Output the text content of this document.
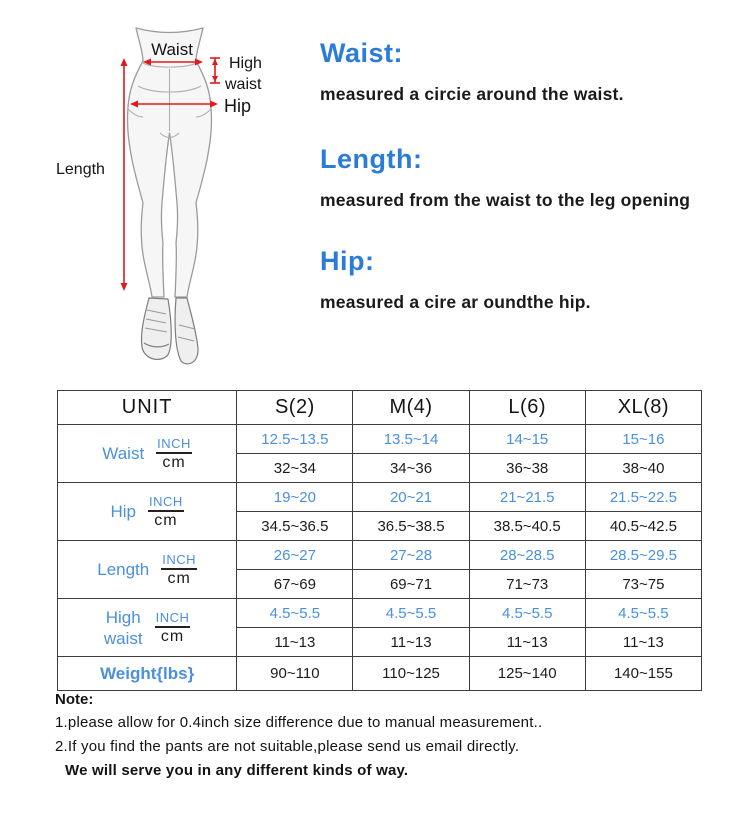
Waist
High
waist
Hip
Length
Waist:

measured a circie around the waist.

Length:

measured from the waist to the leg opening

Hip:

measured a cire ar oundthe hip.

UNIT	S(2)	M(4)	L(6)	XL(8)

Waist $\frac{\text{INCH}}{cm}$	12.5~13.5	13.5~14	14~15	15~16
	32~34	34~36	36~38	38~40

Hip $\frac{\text{INCH}}{cm}$	19~20	20~21	21~21.5	21.5~22.5
	34.5~36.5	36.5~38.5	38.5~40.5	40.5~42.5

Length $\frac{\text{INCH}}{cm}$	26~27	27~28	28~28.5	28.5~29.5
	67~69	69~71	71~73	73~75

High
waist $\frac{\text{INCH}}{cm}$	4.5~5.5	4.5~5.5	4.5~5.5	4.5~5.5
	11~13	11~13	11~13	11~13
Weight{lbs}	90~110	110~125	125~140	140~155

Note:

1.please allow for 0.4inch size difference due to manual measurement..

2.If you find the pants are not suitable,please send us email directly.

We will serve you in any different kinds of way.
